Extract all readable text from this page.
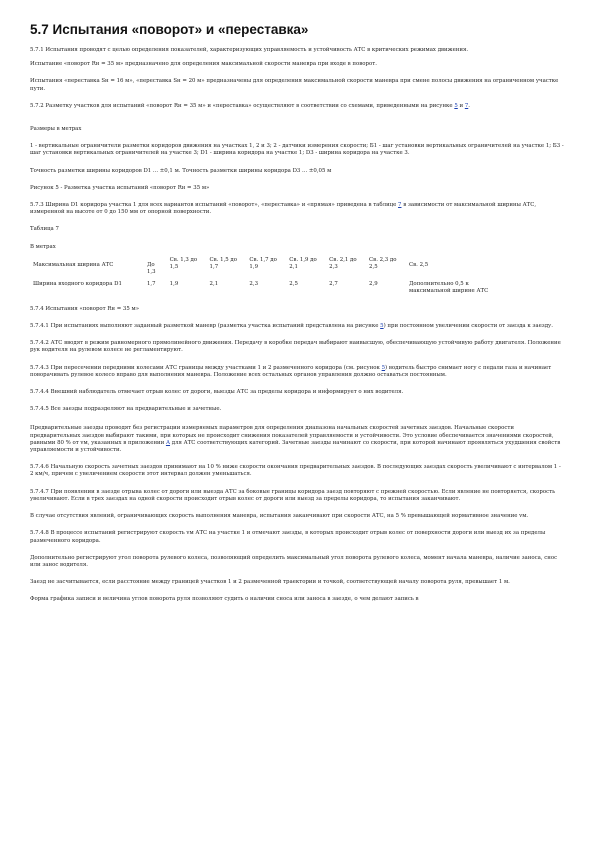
5.7 Испытания «поворот» и «переставка»

5.7.1 Испытания проводят с целью определения показателей, характеризующих управляемость и устойчивость АТС в критических режимах движения.

Испытание «поворот Rн = 35 м» предназначено для определения максимальной скорости маневра при входе в поворот.

Испытания «переставка Sн = 16 м», «переставка Sн = 20 м» предназначены для определения максимальной скорости маневра при смене полосы движения на ограниченном участке пути.

5.7.2 Разметку участков для испытаний «поворот Rн = 35 м» и «переставка» осуществляют в соответствии со схемами, приведенными на рисунке 5 и 7.

Размеры в метрах

1 - вертикальные ограничители разметки коридоров движения на участках 1, 2 и 3; 2 - датчики измерения скорости; Б1 - шаг установки вертикальных ограничителей на участке 1; Б3 - шаг установки вертикальных ограничителей на участке 3; D1 - ширина коридора на участке 1; D3 - ширина коридора на участке 3.

Точность разметки ширины коридоров D1 ... ±0,1 м. Точность разметки ширины коридора D3 ... ±0,05 м

Рисунок 5 - Разметка участка испытаний «поворот Rн = 35 м»

5.7.3 Ширина D1 коридора участка 1 для всех вариантов испытаний «поворот», «переставка» и «прямая» приведена в таблице 7 в зависимости от максимальной ширины АТС, измеренной на высоте от 0 до 150 мм от опорной поверхности.

Таблица 7

В метрах

Максимальная ширина АТС	До 1,3	Св. 1,3 до 1,5	Св. 1,5 до 1,7	Св. 1,7 до 1,9	Св. 1,9 до 2,1	Св. 2,1 до 2,3	Св. 2,3 до 2,5	Св. 2,5
Ширина входного коридора D1	1,7	1,9	2,1	2,3	2,5	2,7	2,9	Дополнительно 0,5 к максимальной ширине АТС

5.7.4 Испытания «поворот Rн = 35 м»

5.7.4.1 При испытаниях выполняют заданный разметкой маневр (разметка участка испытаний представлена на рисунке 5) при постоянном увеличении скорости от заезда к заезду.

5.7.4.2 АТС вводят в режим равномерного прямолинейного движения. Передачу в коробке передач выбирают наивысшую, обеспечивающую устойчивую работу двигателя. Положение рук водителя на рулевом колесе не регламентируют.

5.7.4.3 При пересечении передними колесами АТС границы между участками 1 и 2 размеченного коридора (см. рисунок 5) водитель быстро снимает ногу с педали газа и начинает поворачивать рулевое колесо вправо для выполнения маневра. Положение всех остальных органов управления должно оставаться постоянным.

5.7.4.4 Внешний наблюдатель отмечает отрыв колес от дороги, выезды АТС за пределы коридора и информирует о них водителя.

5.7.4.5 Все заезды подразделяют на предварительные и зачетные.

Предварительные заезды проводят без регистрации измеряемых параметров для определения диапазона начальных скоростей зачетных заездов. Начальные скорости предварительных заездов выбирают такими, при которых не происходит снижения показателей управляемости и устойчивости. Это условие обеспечивается значениями скоростей, равными 80 % от vм, указанных в приложении А для АТС соответствующих категорий. Зачетные заезды начинают со скорости, при которой начинают проявляться ухудшения свойств управляемости и устойчивости.

5.7.4.6 Начальную скорость зачетных заездов принимают на 10 % ниже скорости окончания предварительных заездов. В последующих заездах скорость увеличивают с интервалом 1 - 2 км/ч, причем с увеличением скорости этот интервал должен уменьшаться.

5.7.4.7 При появлении в заезде отрыва колес от дороги или выезда АТС за боковые границы коридора заезд повторяют с прежней скоростью. Если явление не повторяется, скорость увеличивают. Если в трех заездах на одной скорости происходит отрыв колес от дороги или выезд за пределы коридора, то испытания заканчивают.

В случае отсутствия явлений, ограничивающих скорость выполнения маневра, испытания заканчивают при скорости АТС, на 5 % превышающей нормативное значение vм.

5.7.4.8 В процессе испытаний регистрируют скорость vм АТС на участке 1 и отмечают заезды, в которых происходит отрыв колес от поверхности дороги или выезд их за пределы размеченного коридора.

Дополнительно регистрируют угол поворота рулевого колеса, позволяющий определить максимальный угол поворота рулевого колеса, момент начала маневра, наличие заноса, снос или занос водителя.

Заезд не засчитывается, если расстояние между границей участков 1 и 2 размеченной траектории и точкой, соответствующей началу поворота руля, превышает 1 м.

Форма графика записи и величина углов поворота руля позволяют судить о наличии сноса или заноса в заезде, о чем делают запись в
